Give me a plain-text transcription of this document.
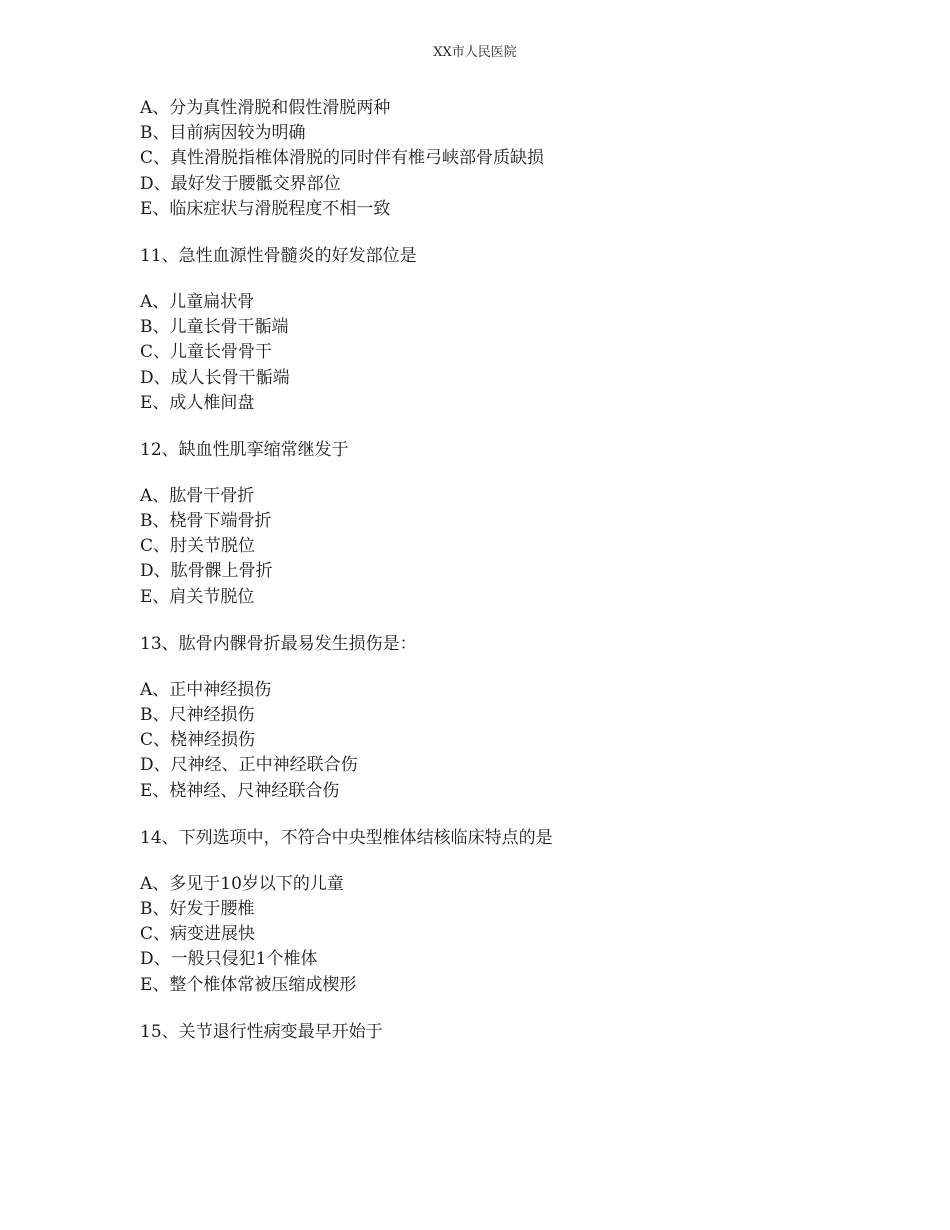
XX市人民医院
A、分为真性滑脱和假性滑脱两种
B、目前病因较为明确
C、真性滑脱指椎体滑脱的同时伴有椎弓峡部骨质缺损
D、最好发于腰骶交界部位
E、临床症状与滑脱程度不相一致
11、急性血源性骨髓炎的好发部位是
A、儿童扁状骨
B、儿童长骨干骺端
C、儿童长骨骨干
D、成人长骨干骺端
E、成人椎间盘
12、缺血性肌挛缩常继发于
A、肱骨干骨折
B、桡骨下端骨折
C、肘关节脱位
D、肱骨髁上骨折
E、肩关节脱位
13、肱骨内髁骨折最易发生损伤是：
A、正中神经损伤
B、尺神经损伤
C、桡神经损伤
D、尺神经、正中神经联合伤
E、桡神经、尺神经联合伤
14、下列选项中，不符合中央型椎体结核临床特点的是
A、多见于10岁以下的儿童
B、好发于腰椎
C、病变进展快
D、一般只侵犯1个椎体
E、整个椎体常被压缩成楔形
15、关节退行性病变最早开始于
